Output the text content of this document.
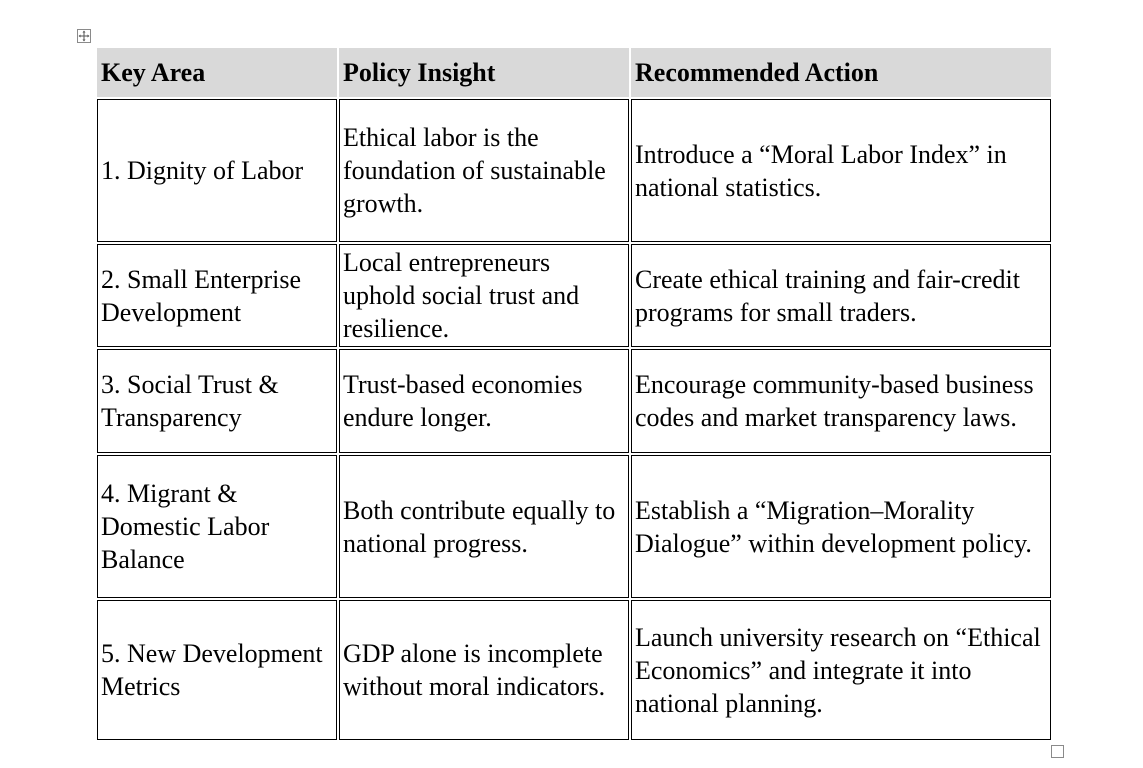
Key Area	Policy Insight	Recommended Action
1. Dignity of Labor	Ethical labor is the foundation of sustainable growth.	Introduce a “Moral Labor Index” in national statistics.
2. Small Enterprise Development	Local entrepreneurs uphold social trust and resilience.	Create ethical training and fair-credit programs for small traders.
3. Social Trust & Transparency	Trust-based economies endure longer.	Encourage community-based business codes and market transparency laws.
4. Migrant & Domestic Labor Balance	Both contribute equally to national progress.	Establish a “Migration–Morality Dialogue” within development policy.
5. New Development Metrics	GDP alone is incomplete without moral indicators.	Launch university research on “Ethical Economics” and integrate it into national planning.
